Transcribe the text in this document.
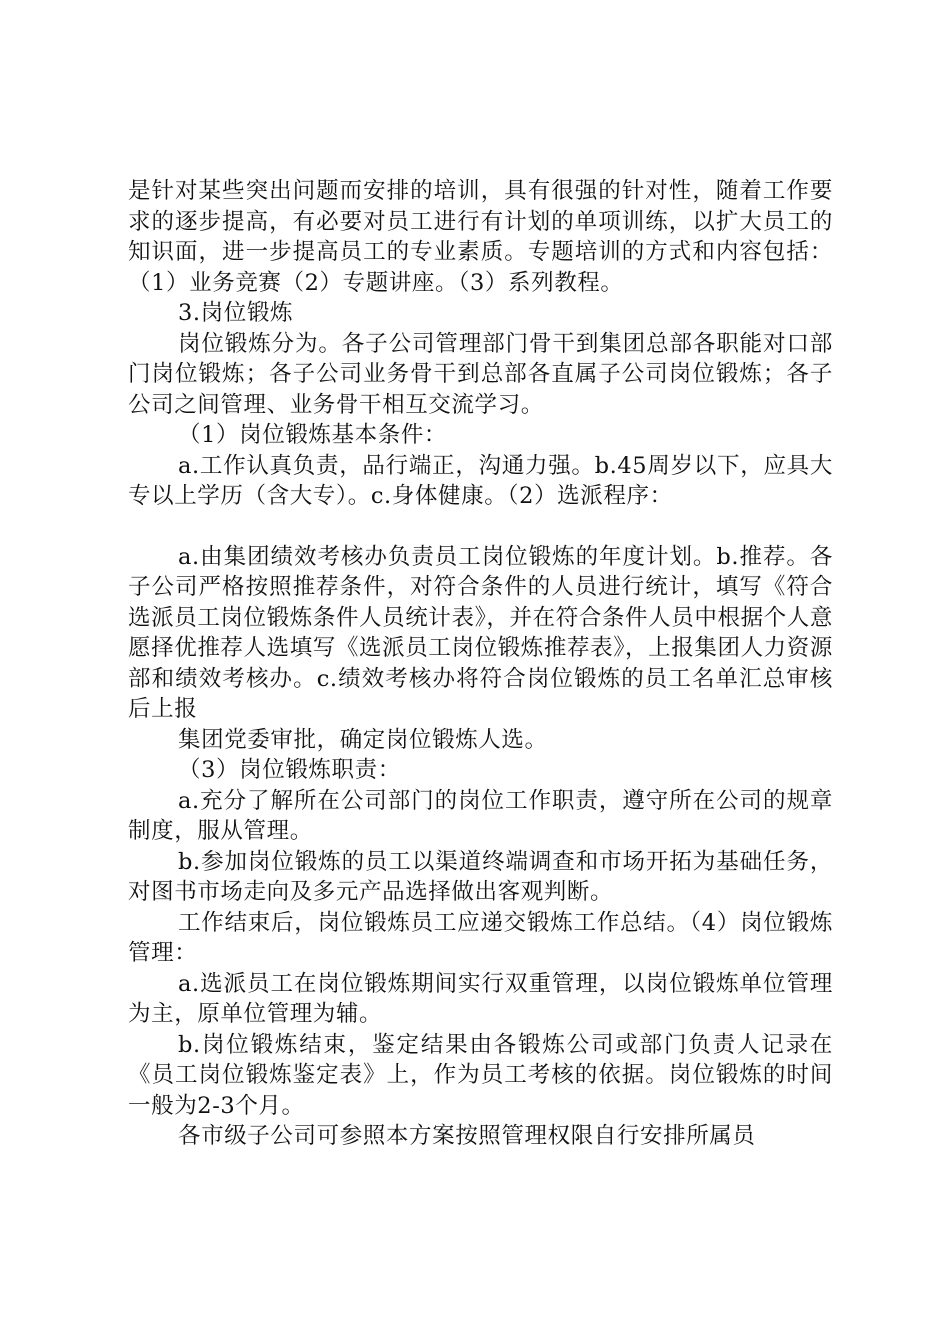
是针对某些突出问题而安排的培训，具有很强的针对性，随着工作要求的逐步提高，有必要对员工进行有计划的单项训练，以扩大员工的知识面，进一步提高员工的专业素质。专题培训的方式和内容包括：（1）业务竞赛（2）专题讲座。（3）系列教程。

3.岗位锻炼

岗位锻炼分为。各子公司管理部门骨干到集团总部各职能对口部门岗位锻炼；各子公司业务骨干到总部各直属子公司岗位锻炼；各子公司之间管理、业务骨干相互交流学习。

（1）岗位锻炼基本条件：

a.工作认真负责，品行端正，沟通力强。b.45周岁以下，应具大专以上学历（含大专）。c.身体健康。（2）选派程序：

a.由集团绩效考核办负责员工岗位锻炼的年度计划。b.推荐。各子公司严格按照推荐条件，对符合条件的人员进行统计，填写《符合选派员工岗位锻炼条件人员统计表》，并在符合条件人员中根据个人意愿择优推荐人选填写《选派员工岗位锻炼推荐表》，上报集团人力资源部和绩效考核办。c.绩效考核办将符合岗位锻炼的员工名单汇总审核后上报

集团党委审批，确定岗位锻炼人选。

（3）岗位锻炼职责：

a.充分了解所在公司部门的岗位工作职责，遵守所在公司的规章制度，服从管理。

b.参加岗位锻炼的员工以渠道终端调查和市场开拓为基础任务，对图书市场走向及多元产品选择做出客观判断。

工作结束后，岗位锻炼员工应递交锻炼工作总结。（4）岗位锻炼管理：

a.选派员工在岗位锻炼期间实行双重管理，以岗位锻炼单位管理为主，原单位管理为辅。

b.岗位锻炼结束，鉴定结果由各锻炼公司或部门负责人记录在《员工岗位锻炼鉴定表》上，作为员工考核的依据。岗位锻炼的时间一般为2-3个月。

各市级子公司可参照本方案按照管理权限自行安排所属员
